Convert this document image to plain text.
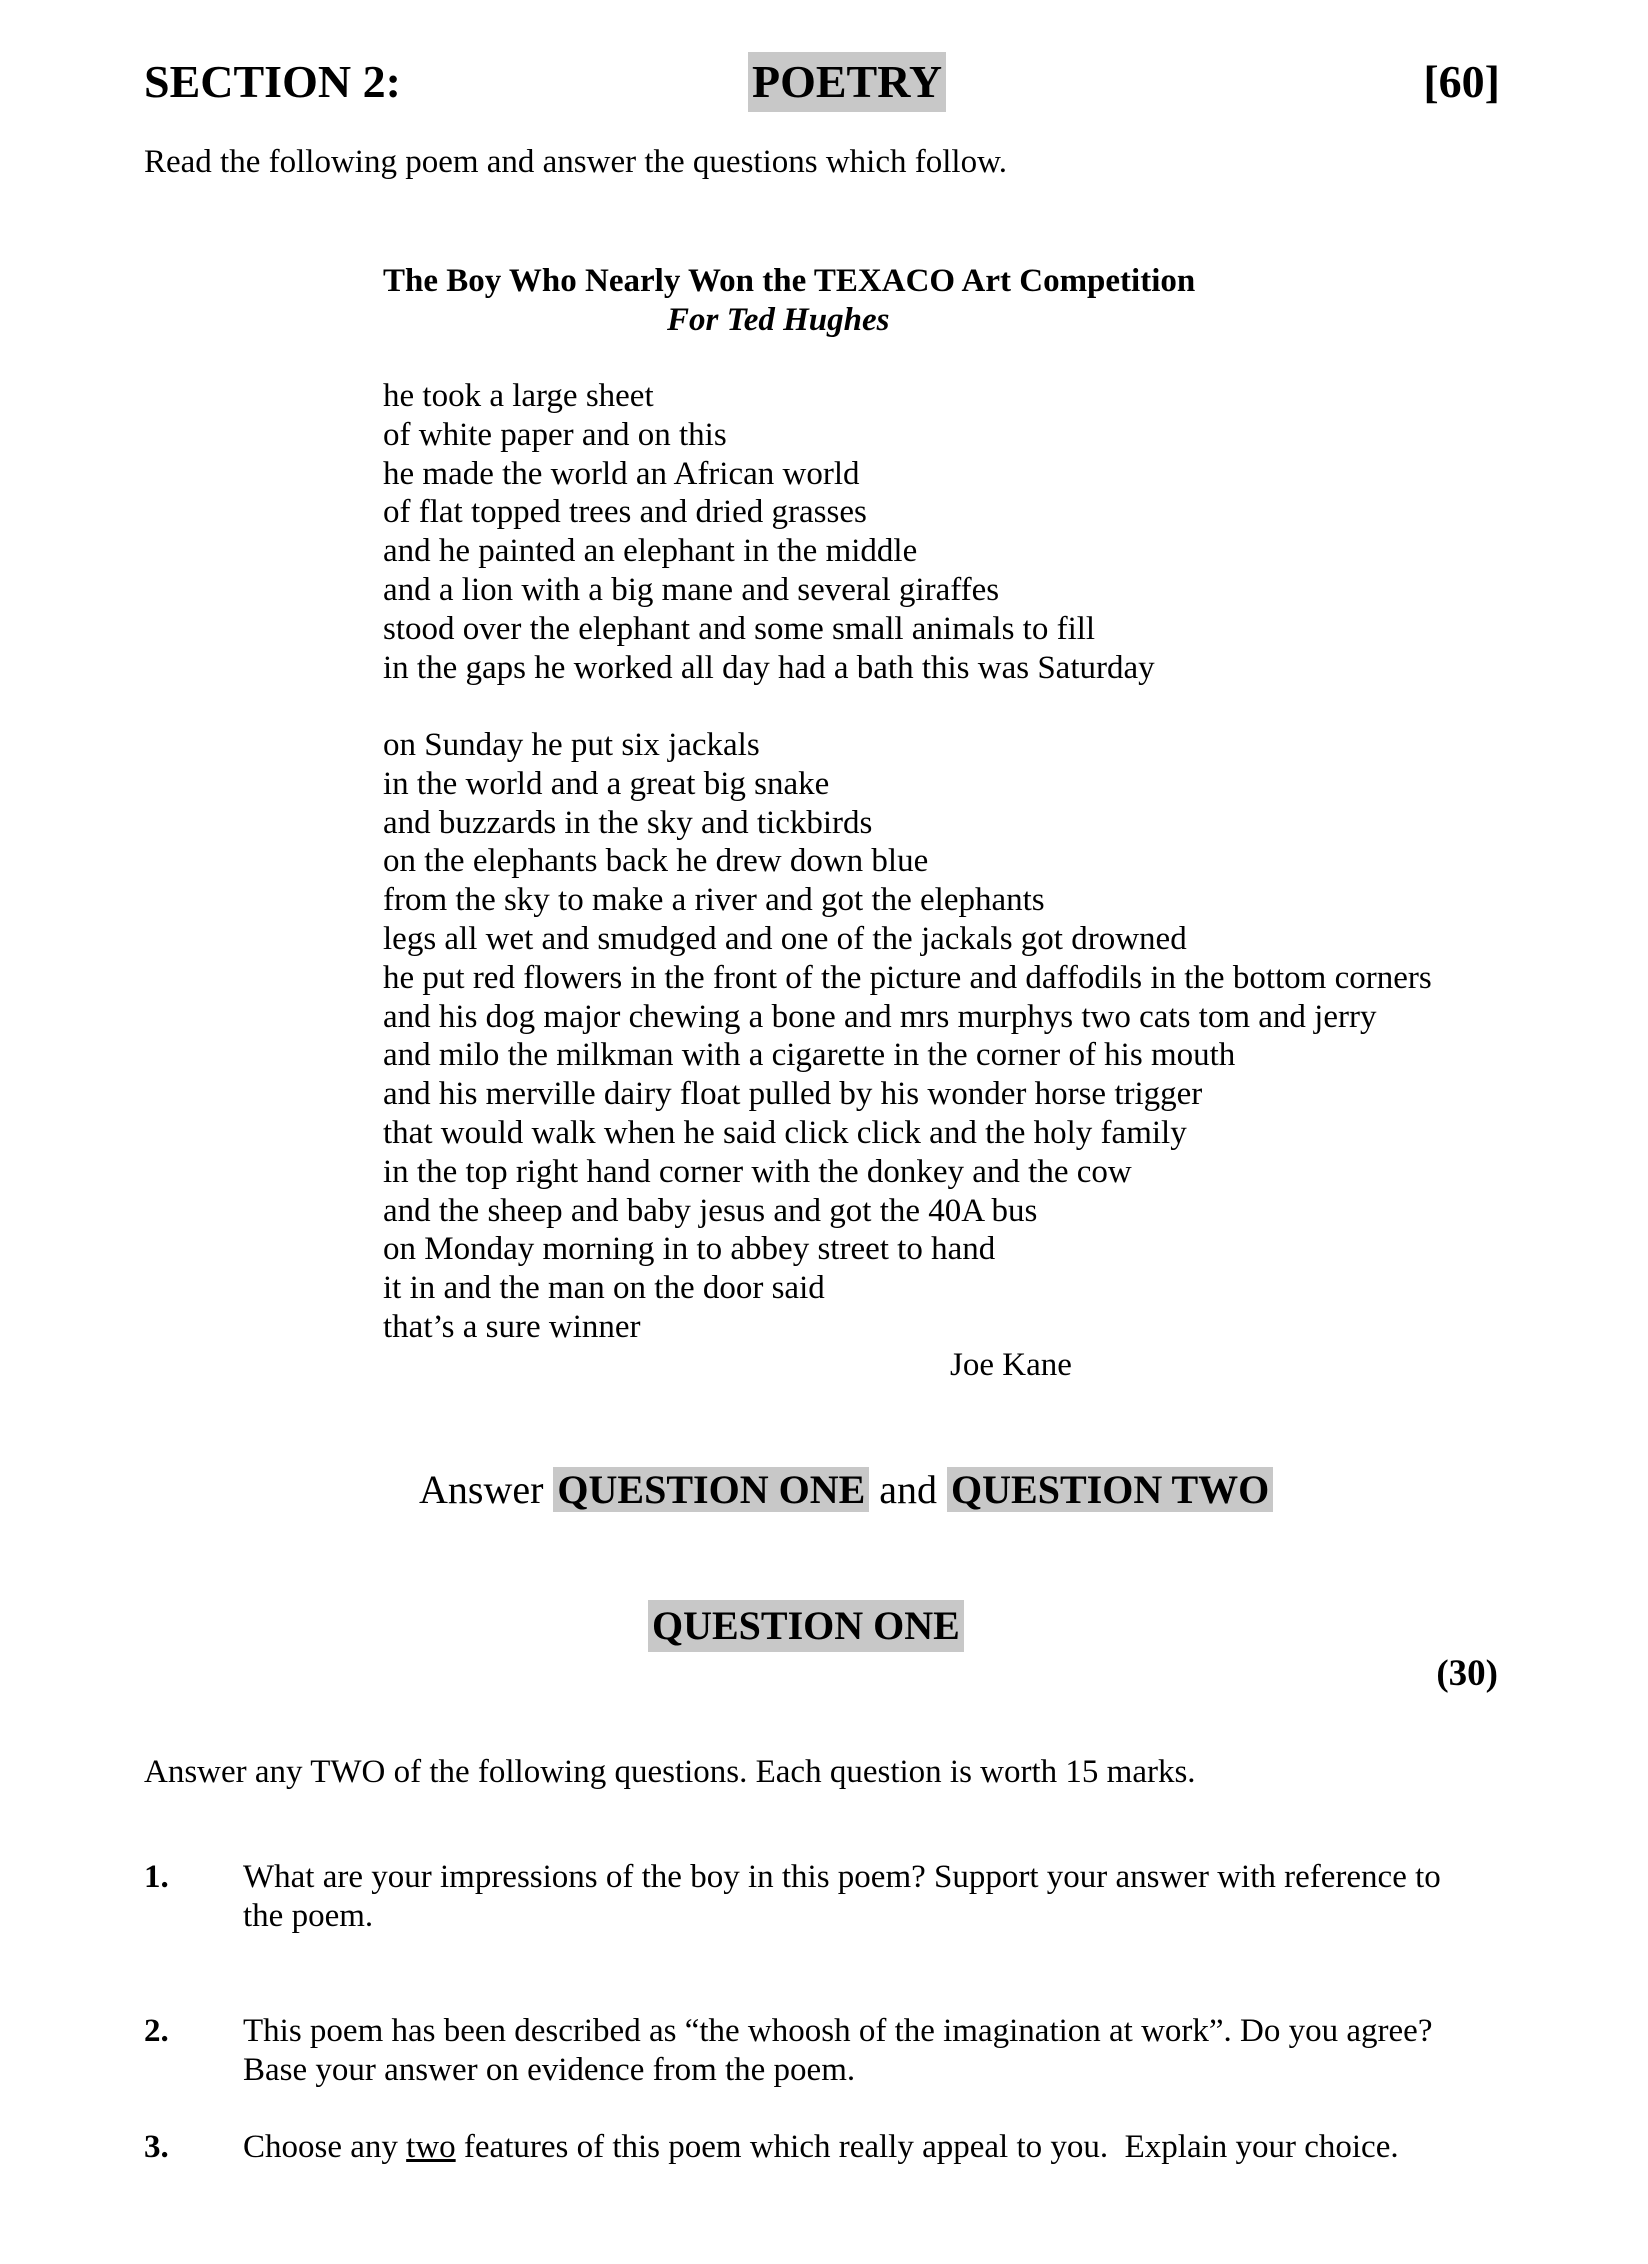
SECTION 2:	POETRY	[60]
Read the following poem and answer the questions which follow.
The Boy Who Nearly Won the TEXACO Art Competition
For Ted Hughes
he took a large sheet
of white paper and on this
he made the world an African world
of flat topped trees and dried grasses
and he painted an elephant in the middle
and a lion with a big mane and several giraffes
stood over the elephant and some small animals to fill
in the gaps he worked all day had a bath this was Saturday
on Sunday he put six jackals
in the world and a great big snake
and buzzards in the sky and tickbirds
on the elephants back he drew down blue
from the sky to make a river and got the elephants
legs all wet and smudged and one of the jackals got drowned
he put red flowers in the front of the picture and daffodils in the bottom corners
and his dog major chewing a bone and mrs murphys two cats tom and jerry
and milo the milkman with a cigarette in the corner of his mouth
and his merville dairy float pulled by his wonder horse trigger
that would walk when he said click click and the holy family
in the top right hand corner with the donkey and the cow
and the sheep and baby jesus and got the 40A bus
on Monday morning in to abbey street to hand
it in and the man on the door said
that’s a sure winner
Joe Kane
Answer QUESTION ONE and QUESTION TWO
QUESTION ONE
(30)
Answer any TWO of the following questions. Each question is worth 15 marks.
1. What are your impressions of the boy in this poem? Support your answer with reference to
the poem.
2. This poem has been described as “the whoosh of the imagination at work”. Do you agree?
Base your answer on evidence from the poem.
3. Choose any two features of this poem which really appeal to you.  Explain your choice.
